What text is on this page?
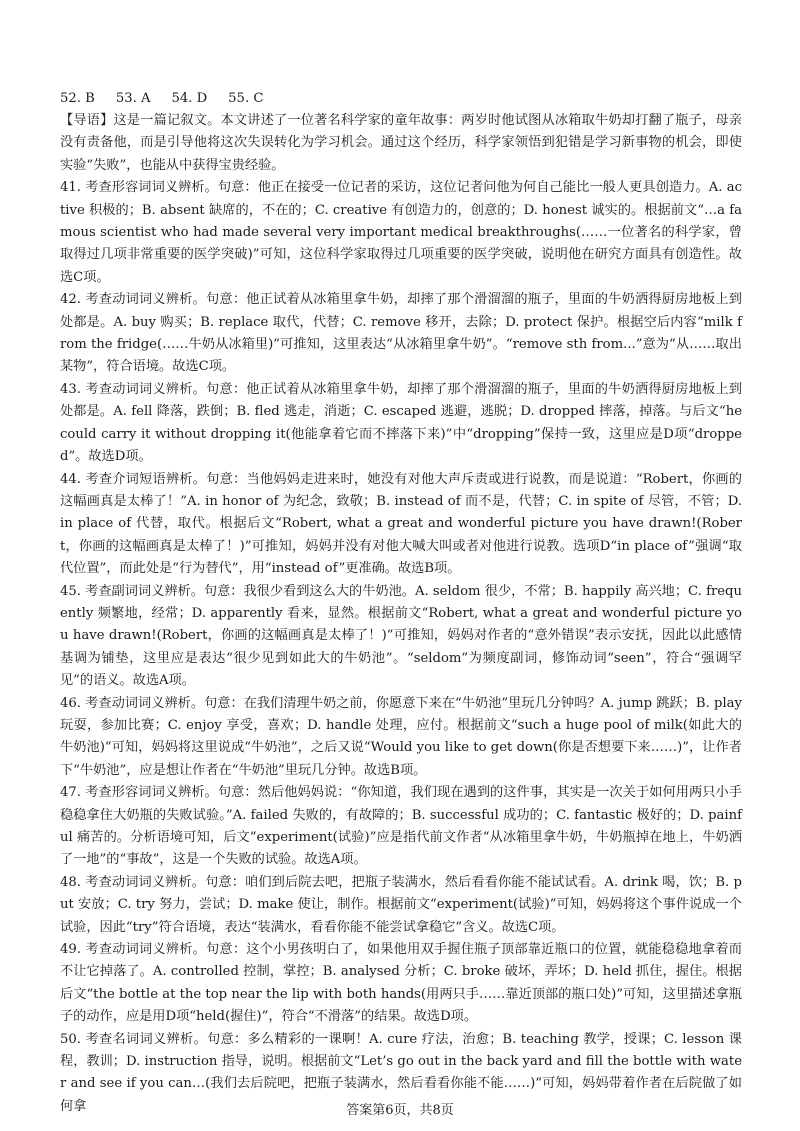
52. B     53. A     54. D     55. C

【导语】这是一篇记叙文。本文讲述了一位著名科学家的童年故事：两岁时他试图从冰箱取牛奶却打翻了瓶子，母亲没有责备他，而是引导他将这次失误转化为学习机会。通过这个经历，科学家领悟到犯错是学习新事物的机会，即使实验“失败”，也能从中获得宝贵经验。

41. 考查形容词词义辨析。句意：他正在接受一位记者的采访，这位记者问他为何自己能比一般人更具创造力。A. active 积极的；B. absent 缺席的，不在的；C. creative 有创造力的，创意的；D. honest 诚实的。根据前文“…a famous scientist who had made several very important medical breakthroughs(……一位著名的科学家，曾取得过几项非常重要的医学突破)”可知，这位科学家取得过几项重要的医学突破，说明他在研究方面具有创造性。故选C项。

42. 考查动词词义辨析。句意：他正试着从冰箱里拿牛奶，却摔了那个滑溜溜的瓶子，里面的牛奶洒得厨房地板上到处都是。A. buy 购买；B. replace 取代，代替；C. remove 移开，去除；D. protect 保护。根据空后内容“milk from the fridge(……牛奶从冰箱里)”可推知，这里表达“从冰箱里拿牛奶”。“remove sth from...”意为“从……取出某物”，符合语境。故选C项。

43. 考查动词词义辨析。句意：他正试着从冰箱里拿牛奶，却摔了那个滑溜溜的瓶子，里面的牛奶洒得厨房地板上到处都是。A. fell 降落，跌倒；B. fled 逃走，消逝；C. escaped 逃避，逃脱；D. dropped 摔落，掉落。与后文“he could carry it without dropping it(他能拿着它而不摔落下来)”中“dropping”保持一致，这里应是D项“dropped”。故选D项。

44. 考查介词短语辨析。句意：当他妈妈走进来时，她没有对他大声斥责或进行说教，而是说道：“Robert，你画的这幅画真是太棒了！”A. in honor of 为纪念，致敬；B. instead of 而不是，代替；C. in spite of 尽管，不管；D. in place of 代替，取代。根据后文“Robert, what a great and wonderful picture you have drawn!(Robert，你画的这幅画真是太棒了！)”可推知，妈妈并没有对他大喊大叫或者对他进行说教。选项D“in place of”强调“取代位置”，而此处是“行为替代”，用“instead of”更准确。故选B项。

45. 考查副词词义辨析。句意：我很少看到这么大的牛奶池。A. seldom 很少，不常；B. happily 高兴地；C. frequently 频繁地，经常；D. apparently 看来，显然。根据前文“Robert, what a great and wonderful picture you have drawn!(Robert，你画的这幅画真是太棒了！)”可推知，妈妈对作者的“意外错误”表示安抚，因此以此感情基调为铺垫，这里应是表达“很少见到如此大的牛奶池”。“seldom”为频度副词，修饰动词“seen”，符合“强调罕见”的语义。故选A项。

46. 考查动词词义辨析。句意：在我们清理牛奶之前，你愿意下来在“牛奶池”里玩几分钟吗？A. jump 跳跃；B. play 玩耍，参加比赛；C. enjoy 享受，喜欢；D. handle 处理，应付。根据前文“such a huge pool of milk(如此大的牛奶池)”可知，妈妈将这里说成“牛奶池”，之后又说“Would you like to get down(你是否想要下来……)”，让作者下“牛奶池”，应是想让作者在“牛奶池”里玩几分钟。故选B项。

47. 考查形容词词义辨析。句意：然后他妈妈说：“你知道，我们现在遇到的这件事，其实是一次关于如何用两只小手稳稳拿住大奶瓶的失败试验。”A. failed 失败的，有故障的；B. successful 成功的；C. fantastic 极好的；D. painful 痛苦的。分析语境可知，后文“experiment(试验)”应是指代前文作者“从冰箱里拿牛奶，牛奶瓶掉在地上，牛奶洒了一地”的“事故”，这是一个失败的试验。故选A项。

48. 考查动词词义辨析。句意：咱们到后院去吧，把瓶子装满水，然后看看你能不能试试看。A. drink 喝，饮；B. put 安放；C. try 努力，尝试；D. make 使让，制作。根据前文“experiment(试验)”可知，妈妈将这个事件说成一个试验，因此“try”符合语境，表达“装满水，看看你能不能尝试拿稳它”含义。故选C项。

49. 考查动词词义辨析。句意：这个小男孩明白了，如果他用双手握住瓶子顶部靠近瓶口的位置，就能稳稳地拿着而不让它掉落了。A. controlled 控制，掌控；B. analysed 分析；C. broke 破坏，弄坏；D. held 抓住，握住。根据后文“the bottle at the top near the lip with both hands(用两只手……靠近顶部的瓶口处)”可知，这里描述拿瓶子的动作，应是用D项“held(握住)”，符合“不滑落”的结果。故选D项。

50. 考查名词词义辨析。句意：多么精彩的一课啊！A. cure 疗法，治愈；B. teaching 教学，授课；C. lesson 课程，教训；D. instruction 指导，说明。根据前文“Let’s go out in the back yard and fill the bottle with water and see if you can…(我们去后院吧，把瓶子装满水，然后看看你能不能……)”可知，妈妈带着作者在后院做了如何拿	答案第6页，共8页
